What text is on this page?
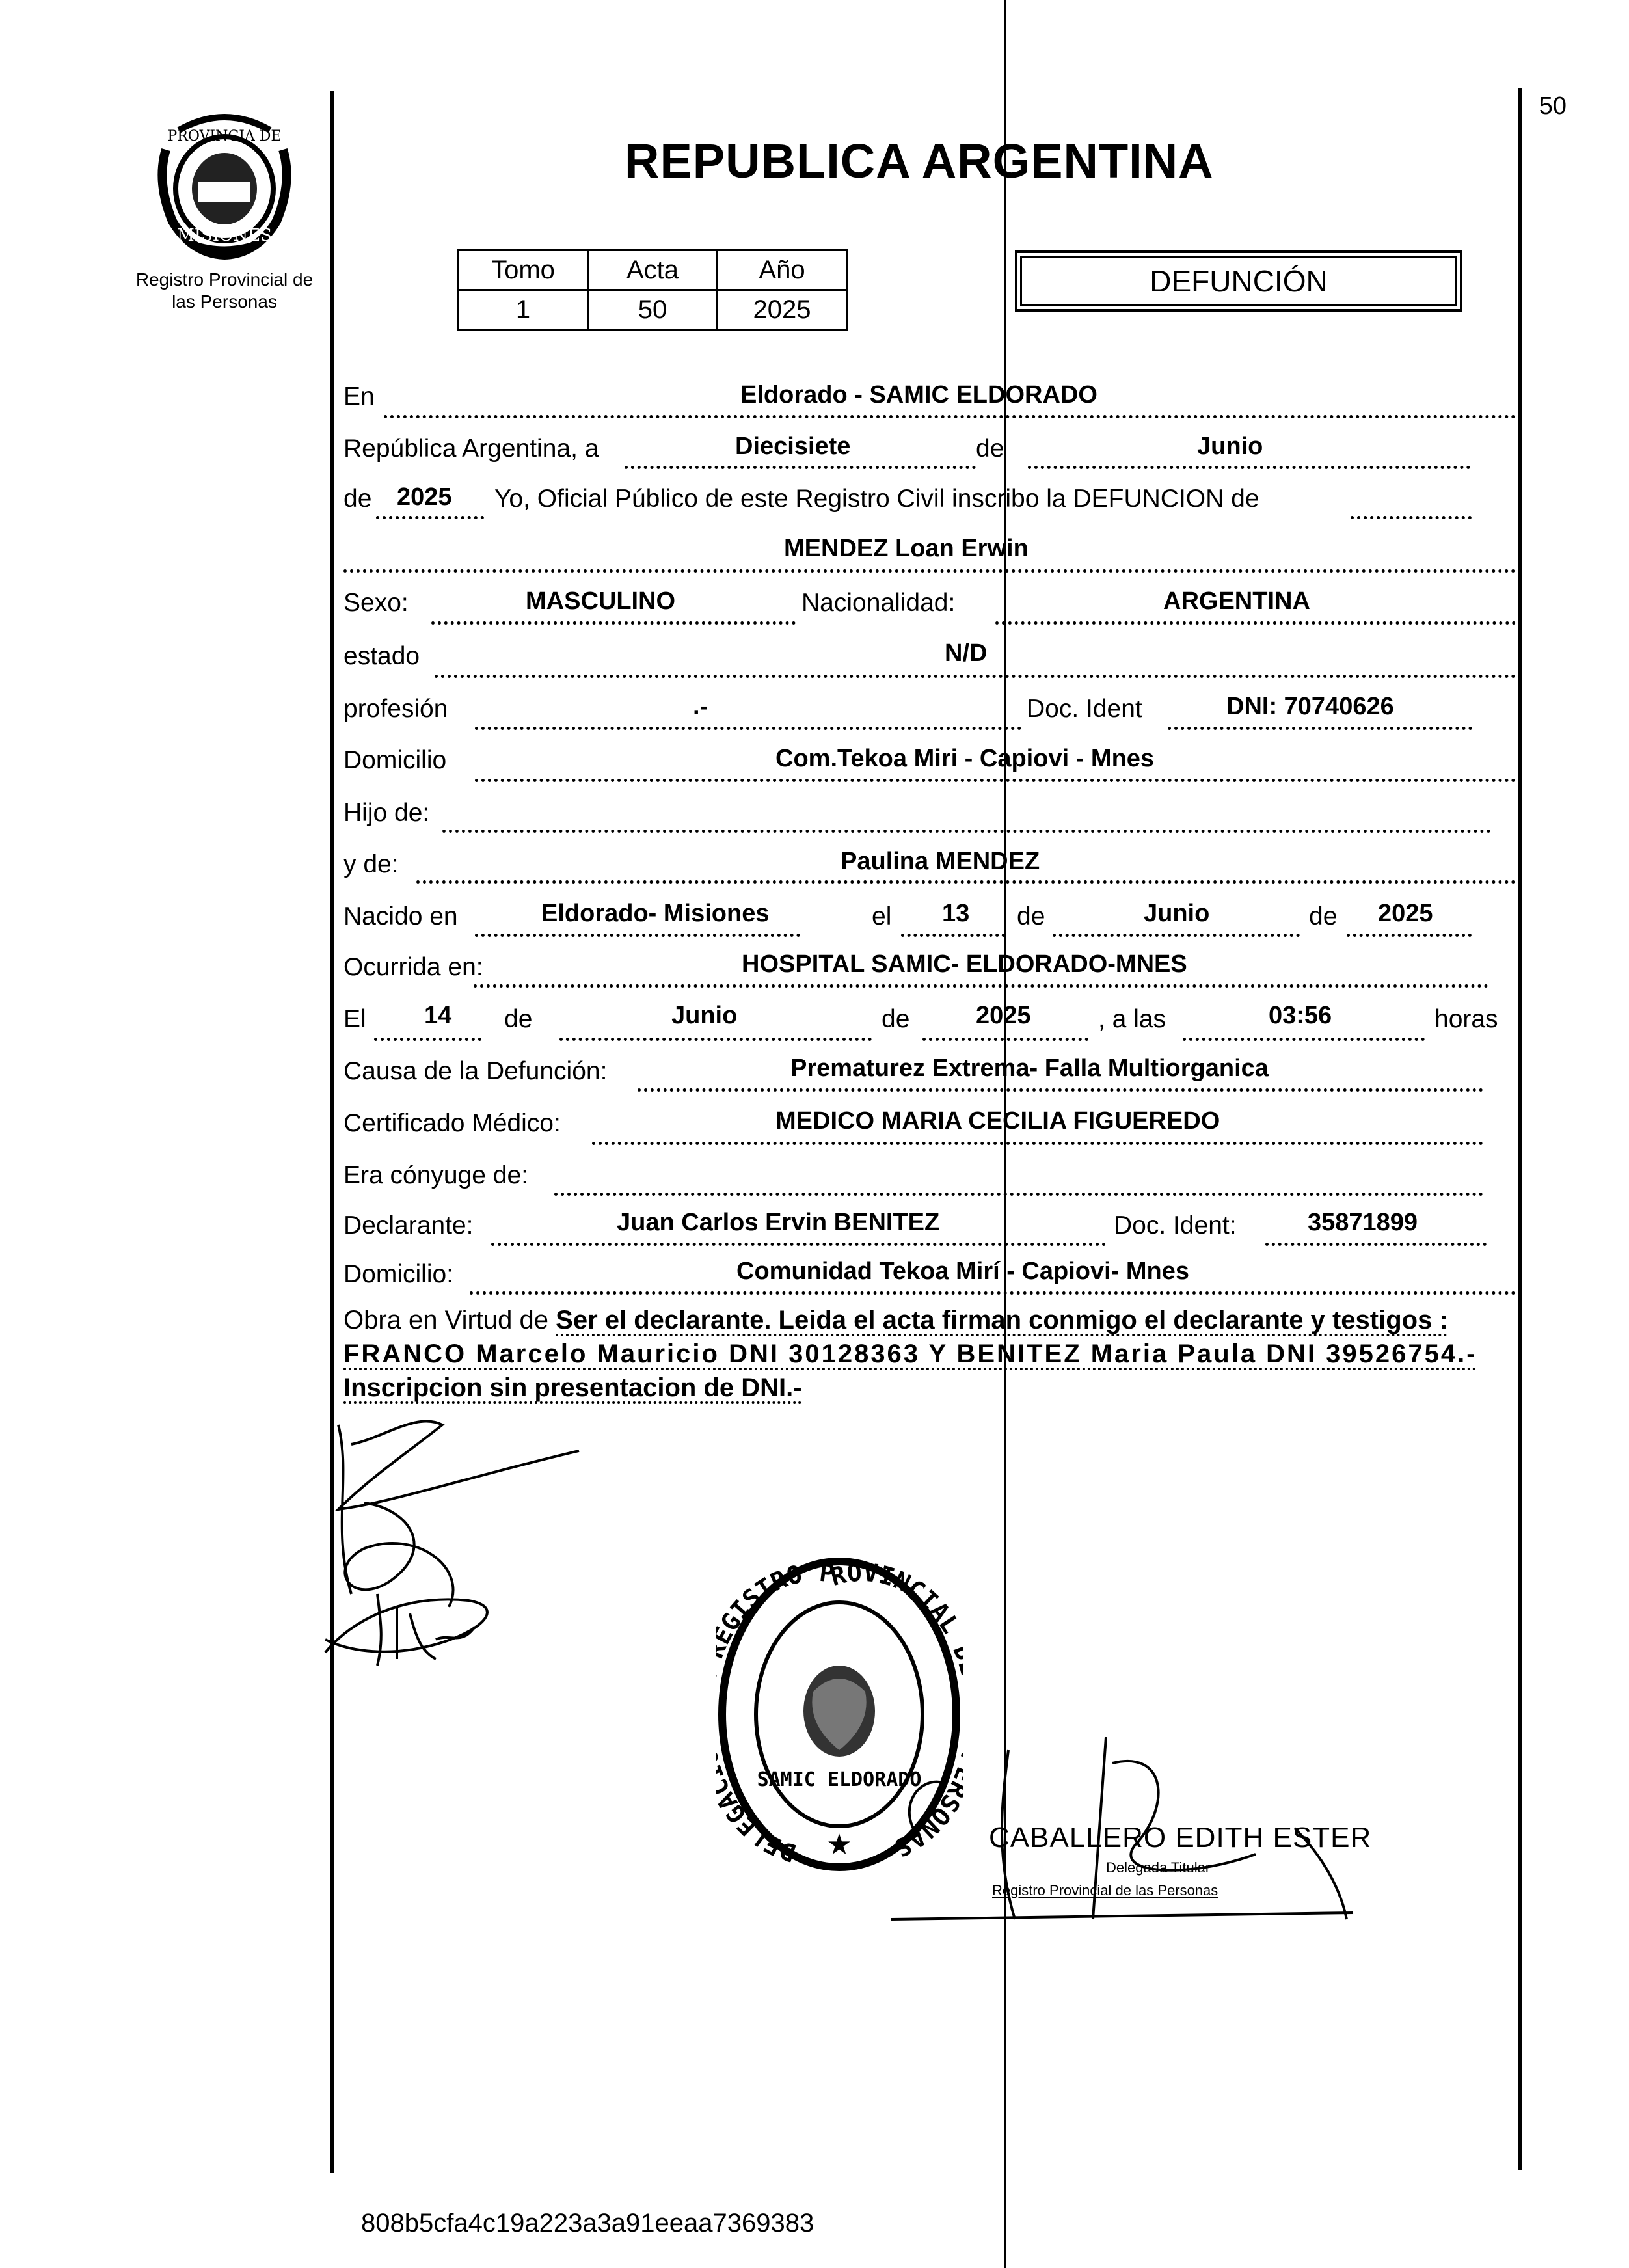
PROVINCIA DE
MISIONES
Registro Provincial de
las Personas
REPUBLICA ARGENTINA
50
Tomo	Acta	Año
1	50	2025
DEFUNCIÓN
En	Eldorado - SAMIC ELDORADO
República Argentina, a	Diecisiete	de	Junio
de 2025 Yo, Oficial Público de este Registro Civil inscribo la DEFUNCION de
MENDEZ Loan Erwin
Sexo:	MASCULINO	Nacionalidad:	ARGENTINA
estado	N/D
profesión	.-	Doc. Ident	DNI: 70740626
Domicilio	Com.Tekoa Miri - Capiovi - Mnes
Hijo de:
y de:	Paulina MENDEZ
Nacido en	Eldorado- Misiones	el 13 de	Junio	de 2025
Ocurrida en:	HOSPITAL SAMIC- ELDORADO-MNES
El 14 de	Junio	de	2025	, a las	03:56	horas
Causa de la Defunción:	Prematurez Extrema- Falla Multiorganica
Certificado Médico:	MEDICO MARIA CECILIA FIGUEREDO
Era cónyuge de:
Declarante:	Juan Carlos Ervin BENITEZ	Doc. Ident:	35871899
Domicilio:	Comunidad Tekoa Mirí - Capiovi- Mnes
Obra en Virtud de Ser el declarante. Leida el acta firman conmigo el declarante y testigos :
FRANCO Marcelo Mauricio DNI 30128363 Y BENITEZ Maria Paula DNI 39526754.-
Inscripcion sin presentacion de DNI.-
DELEG GISTRO PROVINCIAL SONAS
SAMIC ELDORADO
★	CABALLERO EDITH ESTER
Delegada Titular
Registro Provincial de las Personas
808b5cfa4c19a223a3a91eeaa7369383
